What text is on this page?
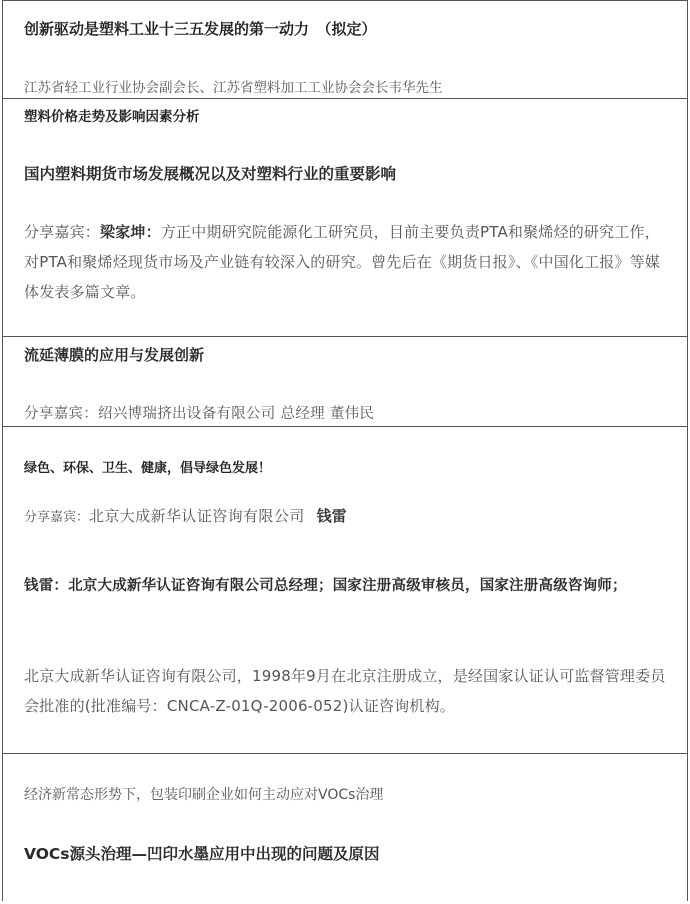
创新驱动是塑料工业十三五发展的第一动力　（拟定）
江苏省轻工业行业协会副会长、江苏省塑料加工工业协会会长韦华先生
塑料价格走势及影响因素分析
国内塑料期货市场发展概况以及对塑料行业的重要影响
分享嘉宾：梁家坤：方正中期研究院能源化工研究员，目前主要负责PTA和聚烯烃的研究工作，对PTA和聚烯烃现货市场及产业链有较深入的研究。曾先后在《期货日报》、《中国化工报》等媒体发表多篇文章。
流延薄膜的应用与发展创新
分享嘉宾：绍兴博瑞挤出设备有限公司 总经理 董伟民
绿色、环保、卫生、健康，倡导绿色发展！
分享嘉宾：北京大成新华认证咨询有限公司 钱雷
钱雷：北京大成新华认证咨询有限公司总经理；国家注册高级审核员，国家注册高级咨询师；
北京大成新华认证咨询有限公司，1998年9月在北京注册成立，是经国家认证认可监督管理委员会批准的(批准编号：CNCA-Z-01Q-2006-052)认证咨询机构。
经济新常态形势下，包装印刷企业如何主动应对VOCs治理
VOCs源头治理—凹印水墨应用中出现的问题及原因
